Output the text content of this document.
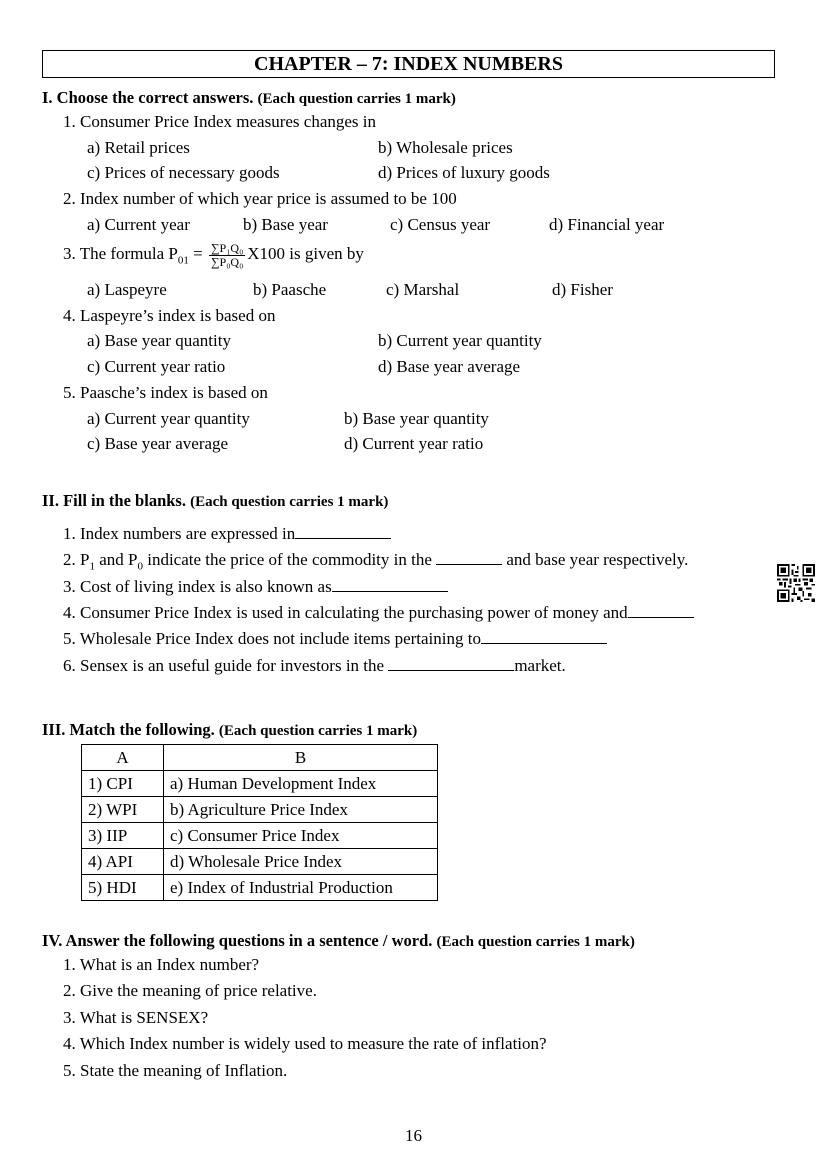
CHAPTER – 7: INDEX NUMBERS
I. Choose the correct answers. (Each question carries 1 mark)
1. Consumer Price Index measures changes in
a) Retail prices	b) Wholesale prices
c) Prices of necessary goods	d) Prices of luxury goods
2. Index number of which year price is assumed to be 100
a) Current year	b) Base year	c) Census year	d) Financial year
3. The formula $P_{01} = \frac{\text{∑P₁Q₀}}{\text{∑P₀Q₀}} X100$ is given by
a) Laspeyre	b) Paasche	c) Marshal	d) Fisher
4. Laspeyre’s index is based on
a) Base year quantity	b) Current year quantity
c) Current year ratio	d) Base year average
5. Paasche’s index is based on
a) Current year quantity	b) Base year quantity
c) Base year average	d) Current year ratio
II. Fill in the blanks. (Each question carries 1 mark)
1. Index numbers are expressed in
2. $P_1$ and $P_0$ indicate the price of the commodity in the	and base year respectively.
3. Cost of living index is also known as
4. Consumer Price Index is used in calculating the purchasing power of money and
5. Wholesale Price Index does not include items pertaining to
6. Sensex is an useful guide for investors in the	market.
III. Match the following. (Each question carries 1 mark)
A	B
1) CPI	a) Human Development Index
2) WPI	b) Agriculture Price Index
3) IIP	c) Consumer Price Index
4) API	d) Wholesale Price Index
5) HDI	e) Index of Industrial Production
IV. Answer the following questions in a sentence / word. (Each question carries 1 mark)
1. What is an Index number?
2. Give the meaning of price relative.
3. What is SENSEX?
4. Which Index number is widely used to measure the rate of inflation?
5. State the meaning of Inflation.
16
